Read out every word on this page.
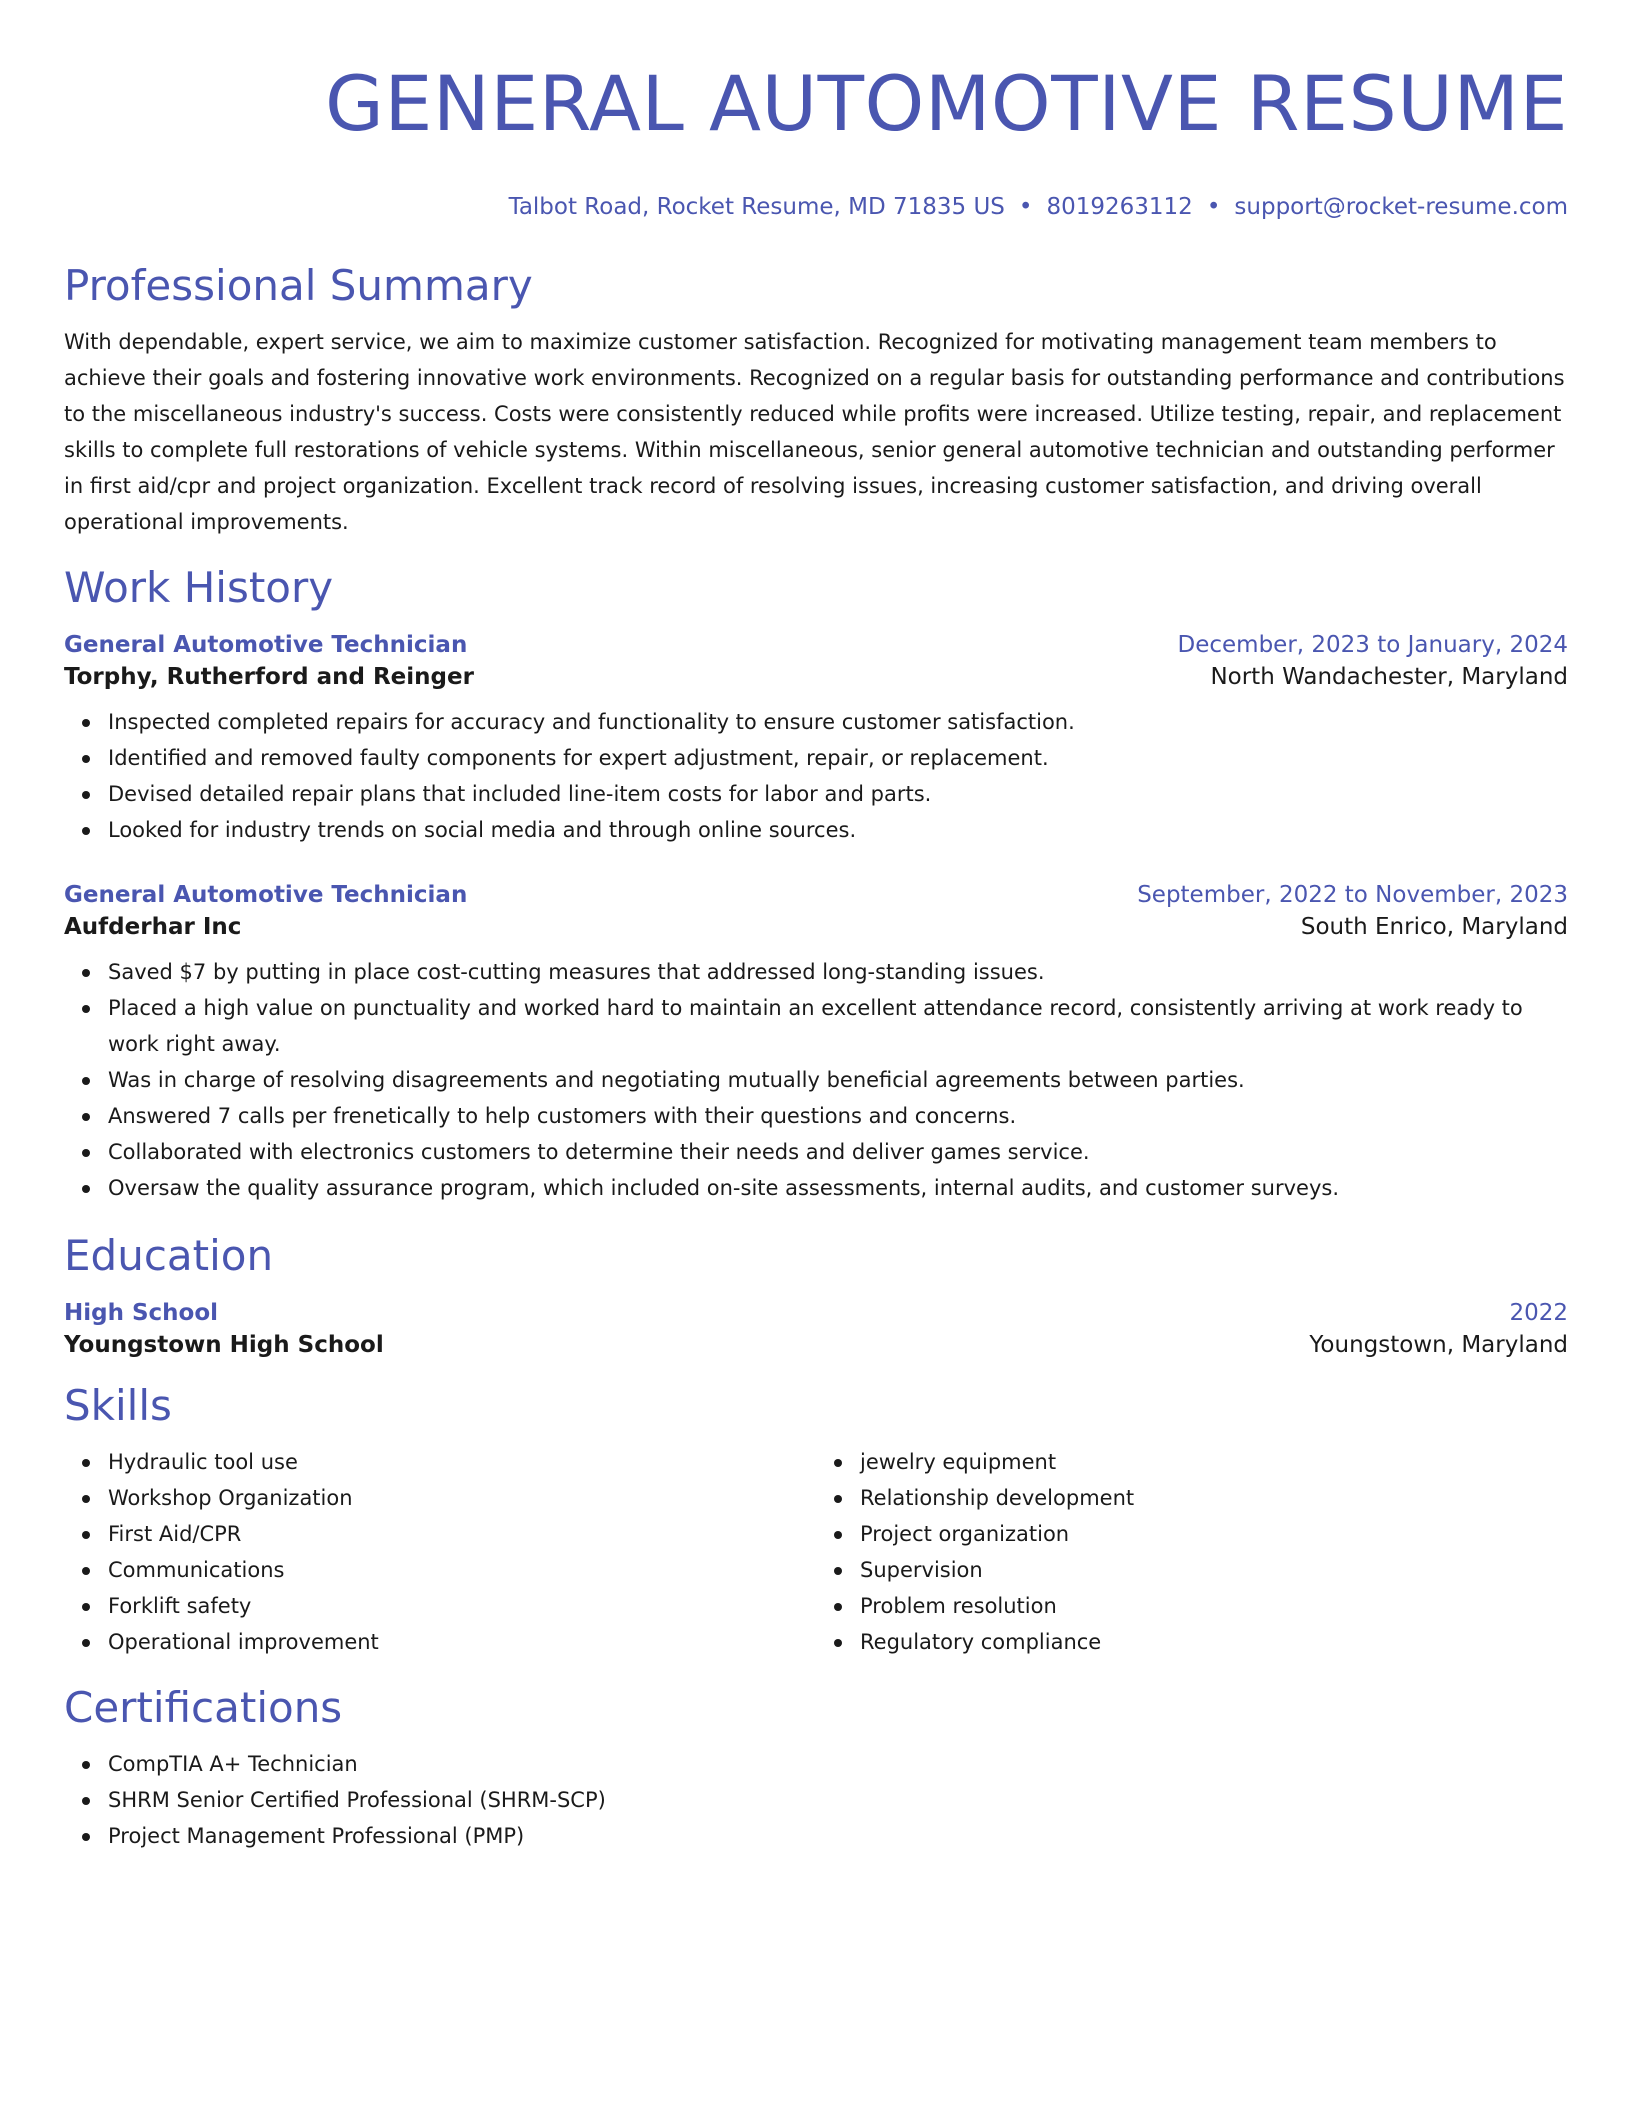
GENERAL AUTOMOTIVE RESUME
Talbot Road, Rocket Resume, MD 71835 US • 8019263112 • support@rocket-resume.com
Professional Summary

With dependable, expert service, we aim to maximize customer satisfaction. Recognized for motivating management team members to achieve their goals and fostering innovative work environments. Recognized on a regular basis for outstanding performance and contributions to the miscellaneous industry's success. Costs were consistently reduced while profits were increased. Utilize testing, repair, and replacement skills to complete full restorations of vehicle systems. Within miscellaneous, senior general automotive technician and outstanding performer in first aid/cpr and project organization. Excellent track record of resolving issues, increasing customer satisfaction, and driving overall operational improvements.

Work History
General Automotive Technician	December, 2023 to January, 2024
Torphy, Rutherford and Reinger	North Wandachester, Maryland
Inspected completed repairs for accuracy and functionality to ensure customer satisfaction.
Identified and removed faulty components for expert adjustment, repair, or replacement.
Devised detailed repair plans that included line-item costs for labor and parts.
Looked for industry trends on social media and through online sources.
General Automotive Technician	September, 2022 to November, 2023
Aufderhar Inc	South Enrico, Maryland
Saved $7 by putting in place cost-cutting measures that addressed long-standing issues.
Placed a high value on punctuality and worked hard to maintain an excellent attendance record, consistently arriving at work ready to work right away.
Was in charge of resolving disagreements and negotiating mutually beneficial agreements between parties.
Answered 7 calls per frenetically to help customers with their questions and concerns.
Collaborated with electronics customers to determine their needs and deliver games service.
Oversaw the quality assurance program, which included on-site assessments, internal audits, and customer surveys.
Education
High School	2022
Youngstown High School	Youngstown, Maryland
Skills
Hydraulic tool use
Workshop Organization
First Aid/CPR
Communications
Forklift safety
Operational improvement
jewelry equipment
Relationship development
Project organization
Supervision
Problem resolution
Regulatory compliance
Certifications
CompTIA A+ Technician
SHRM Senior Certified Professional (SHRM-SCP)
Project Management Professional (PMP)
